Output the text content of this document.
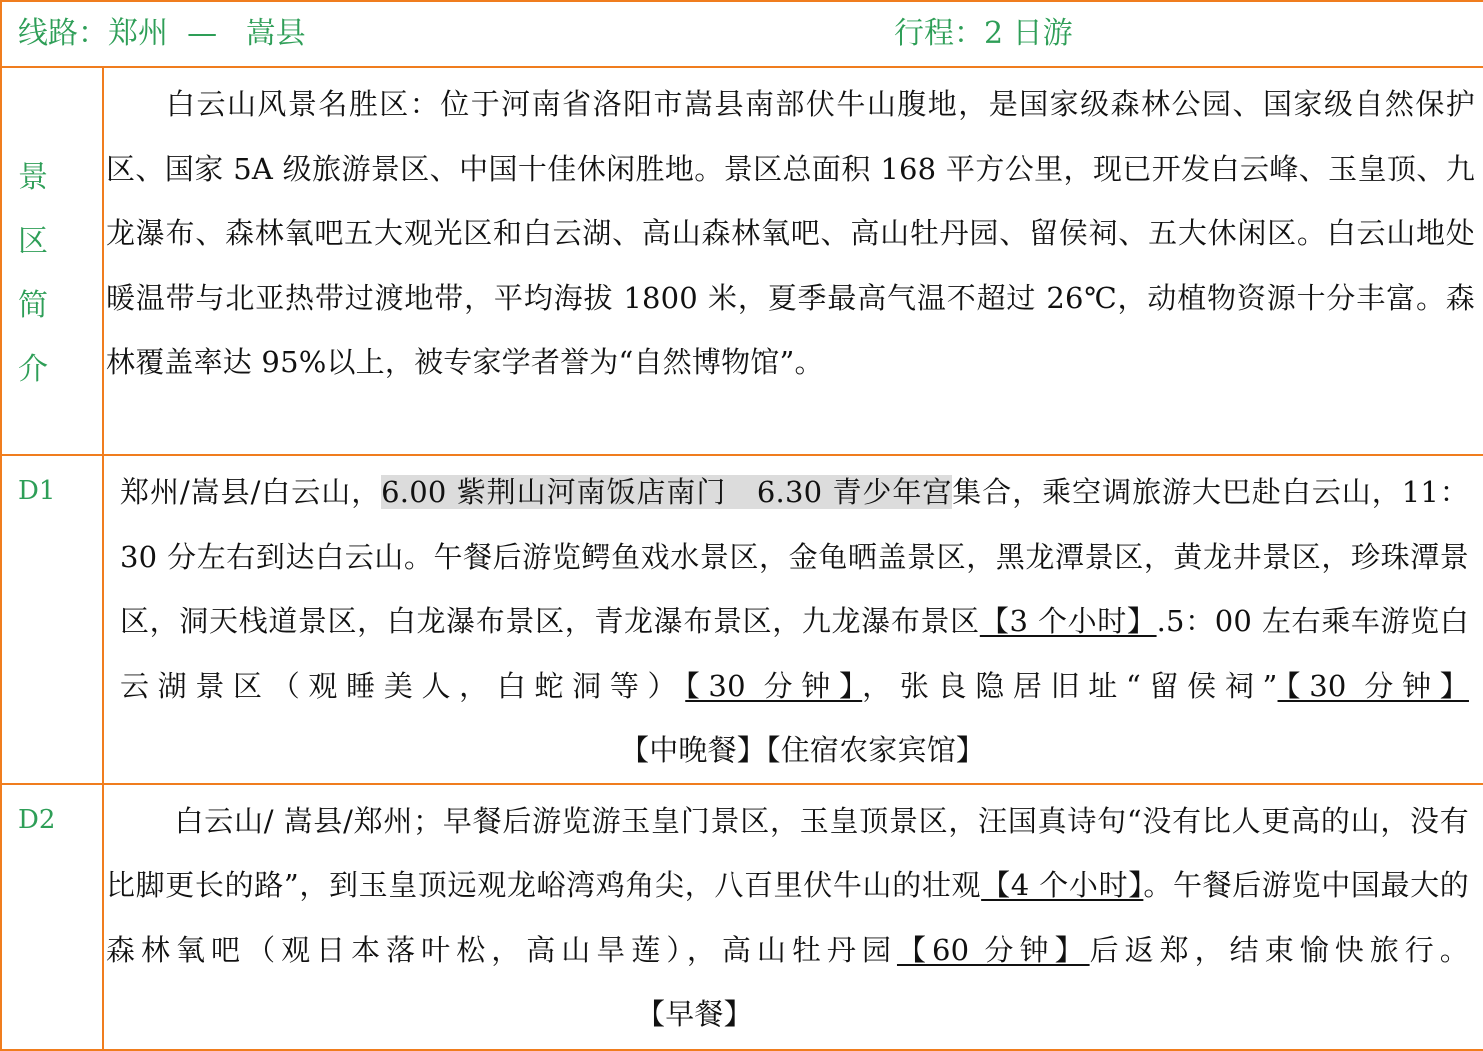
线路：郑州  —   嵩县 行程：2 日游	

景区简介	白云山风景名胜区：位于河南省洛阳市嵩县南部伏牛山腹地，是国家级森林公园、国家级自然保护区、国家 5A 级旅游景区、中国十佳休闲胜地。景区总面积 168 平方公里，现已开发白云峰、玉皇顶、九龙瀑布、森林氧吧五大观光区和白云湖、高山森林氧吧、高山牡丹园、留侯祠、五大休闲区。白云山地处暖温带与北亚热带过渡地带，平均海拔 1800 米，夏季最高气温不超过 26℃，动植物资源十分丰富。森林覆盖率达 95%以上，被专家学者誉为“自然博物馆”。
D1	郑州/嵩县/白云山，6.00 紫荆山河南饭店南门   6.30 青少年宫集合，乘空调旅游大巴赴白云山，11：30 分左右到达白云山。午餐后游览鳄鱼戏水景区，金龟晒盖景区，黑龙潭景区，黄龙井景区，珍珠潭景区，洞天栈道景区，白龙瀑布景区，青龙瀑布景区，九龙瀑布景区【3 个小时】.5：00 左右乘车游览白云湖景区（观睡美人，白蛇洞等）【30 分钟】，张良隐居旧址“留侯祠”【30 分钟】【中晚餐】【住宿农家宾馆】
D2	白云山/ 嵩县/郑州；早餐后游览游玉皇门景区，玉皇顶景区，汪国真诗句“没有比人更高的山，没有比脚更长的路”，到玉皇顶远观龙峪湾鸡角尖，八百里伏牛山的壮观【4 个小时】。午餐后游览中国最大的森林氧吧（观日本落叶松，高山旱莲），高山牡丹园【60 分钟】后返郑，结束愉快旅行。【早餐】
